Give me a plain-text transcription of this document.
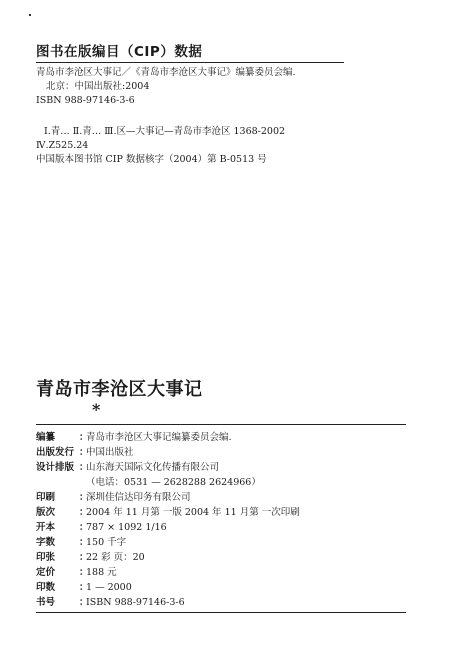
图书在版编目（CIP）数据
青岛市李沧区大事记／《青岛市李沧区大事记》编纂委员会编.
北京：中国出版社:2004
ISBN 988-97146-3-6
Ⅰ.青… Ⅱ.青… Ⅲ.区—大事记—青岛市李沧区 1368-2002
Ⅳ.Z525.24
中国版本图书馆 CIP 数据核字（2004）第 B-0513 号
青岛市李沧区大事记
*
编纂	：
青岛市李沧区大事记编纂委员会编.
出版发行 ：
中国出版社
设计排版 ：
山东海天国际文化传播有限公司
（电话：0531 — 2628288 2624966）
印刷	：
深圳佳信达印务有限公司
版次	：
2004 年 11 月第 一版 2004 年 11 月第 一次印刷
开本	：
787 × 1092 1/16
字数	：
150 千字
印张	：
22 彩 页：20
定价	：
188 元
印数	：
1 — 2000
书号	：
ISBN 988-97146-3-6
